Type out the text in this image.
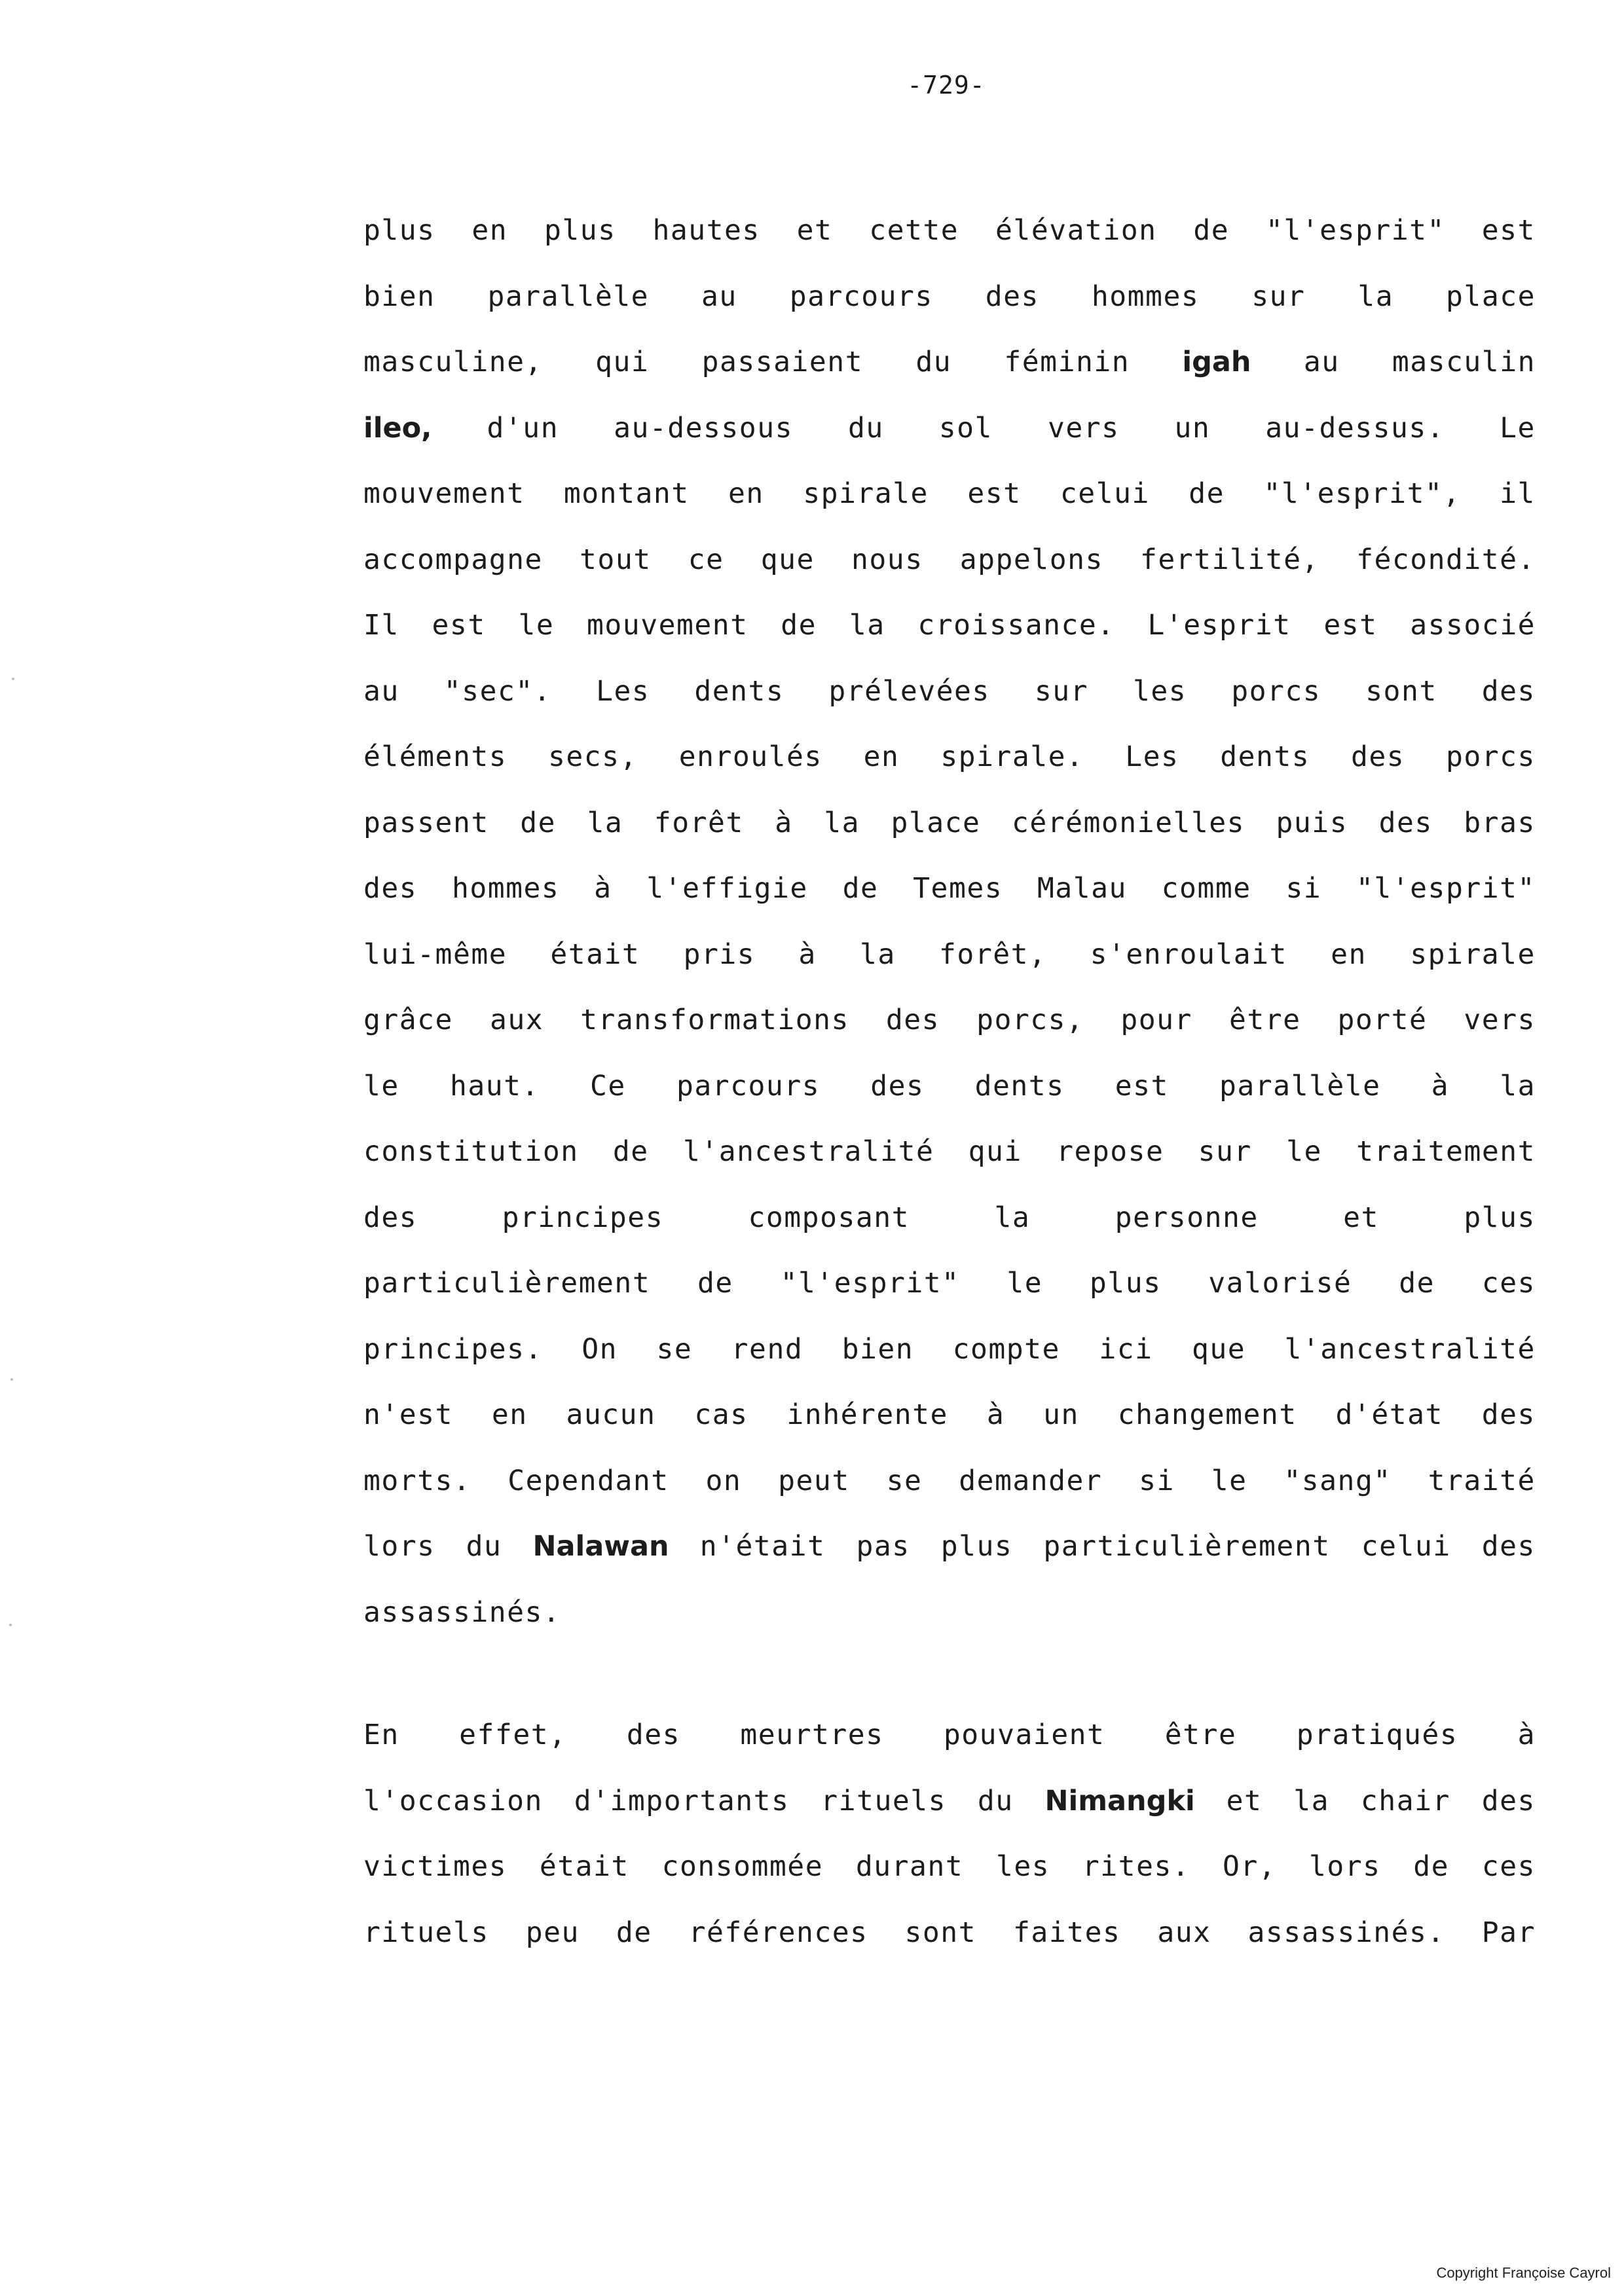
-729-
plus en plus hautes et cette élévation de "l'esprit" est
bien parallèle au parcours des hommes sur la place
masculine, qui passaient du féminin igah au masculin
ileo, d'un au-dessous du sol vers un au-dessus. Le
mouvement montant en spirale est celui de "l'esprit", il
accompagne tout ce que nous appelons fertilité, fécondité.
Il est le mouvement de la croissance. L'esprit est associé
au "sec". Les dents prélevées sur les porcs sont des
éléments secs, enroulés en spirale. Les dents des porcs
passent de la forêt à la place cérémonielles puis des bras
des hommes à l'effigie de Temes Malau comme si "l'esprit"
lui-même était pris à la forêt, s'enroulait en spirale
grâce aux transformations des porcs, pour être porté vers
le haut. Ce parcours des dents est parallèle à la
constitution de l'ancestralité qui repose sur le traitement
des	principes	composant	la	personne	et	plus
particulièrement de "l'esprit" le plus valorisé de ces
principes. On se rend bien compte ici que l'ancestralité
n'est en aucun cas inhérente à un changement d'état des
morts. Cependant on peut se demander si le "sang" traité
lors du Nalawan n'était pas plus particulièrement celui des
assassinés.
En effet, des meurtres pouvaient être pratiqués à
l'occasion d'importants rituels du Nimangki et la chair des
victimes était consommée durant les rites. Or, lors de ces
rituels peu de références sont faites aux assassinés. Par
Copyright Françoise Cayrol
